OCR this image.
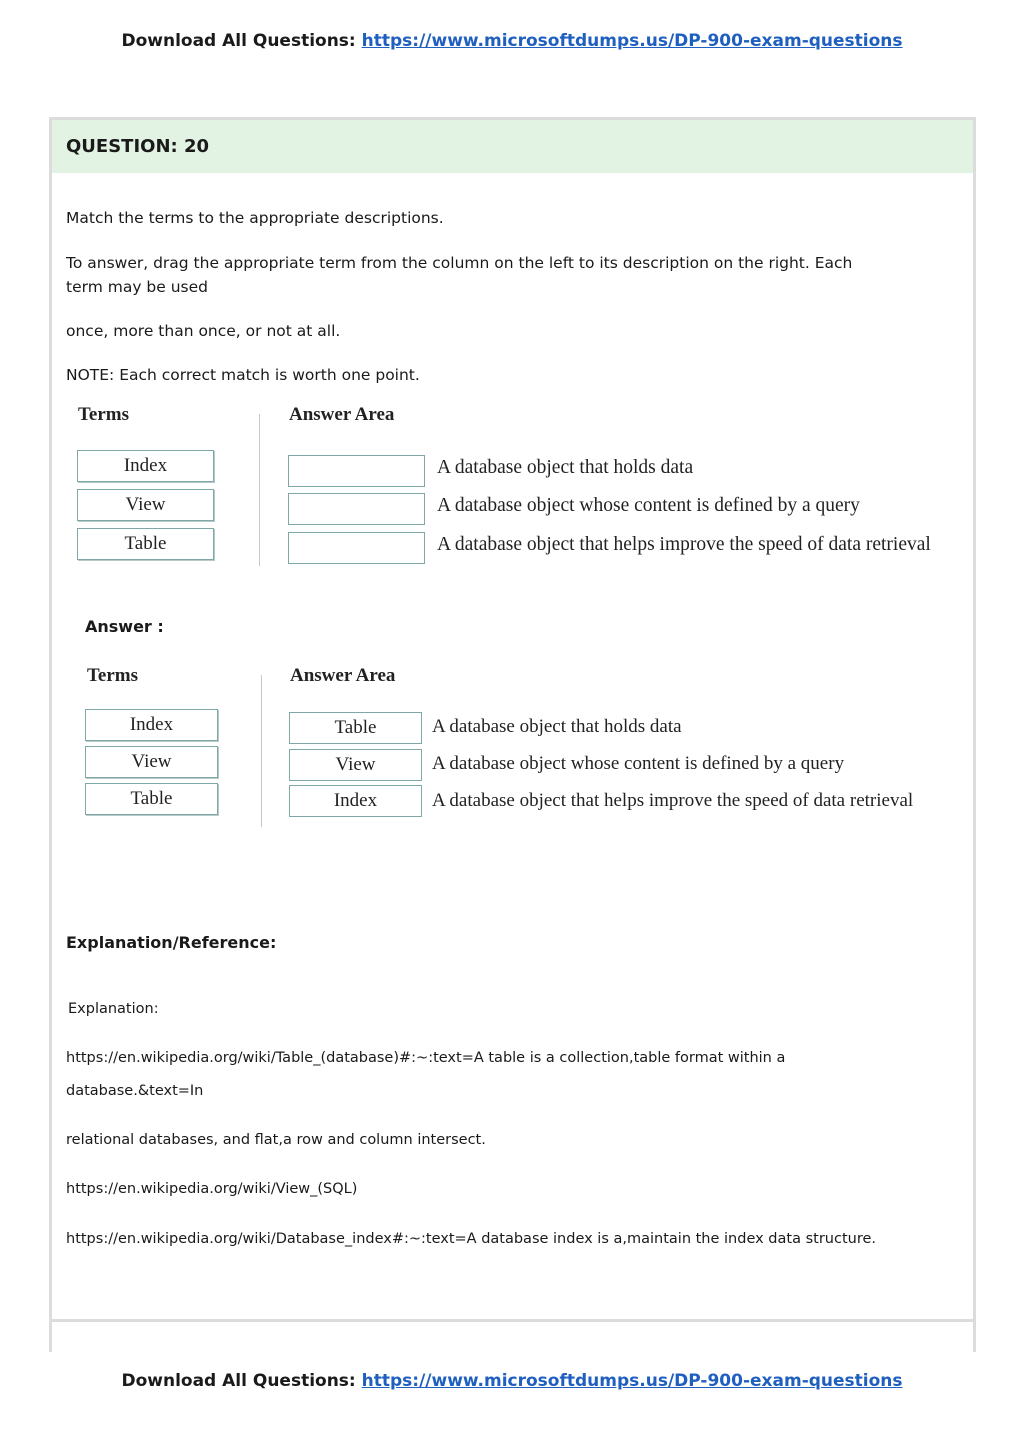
Download All Questions: https://www.microsoftdumps.us/DP-900-exam-questions
QUESTION: 20
Match the terms to the appropriate descriptions.
To answer, drag the appropriate term from the column on the left to its description on the right. Each
term may be used
once, more than once, or not at all.
NOTE: Each correct match is worth one point.
Terms	Answer Area
Index
View
Table
A database object that holds data
A database object whose content is defined by a query
A database object that helps improve the speed of data retrieval
Answer :
Terms	Answer Area
Index
View
Table
Table
View
Index
A database object that holds data
A database object whose content is defined by a query
A database object that helps improve the speed of data retrieval
Explanation/Reference:
Explanation:
https://en.wikipedia.org/wiki/Table_(database)#:~:text=A table is a collection,table format within a
database.&text=In
relational databases, and flat,a row and column intersect.
https://en.wikipedia.org/wiki/View_(SQL)
https://en.wikipedia.org/wiki/Database_index#:~:text=A database index is a,maintain the index data structure.
Download All Questions: https://www.microsoftdumps.us/DP-900-exam-questions
